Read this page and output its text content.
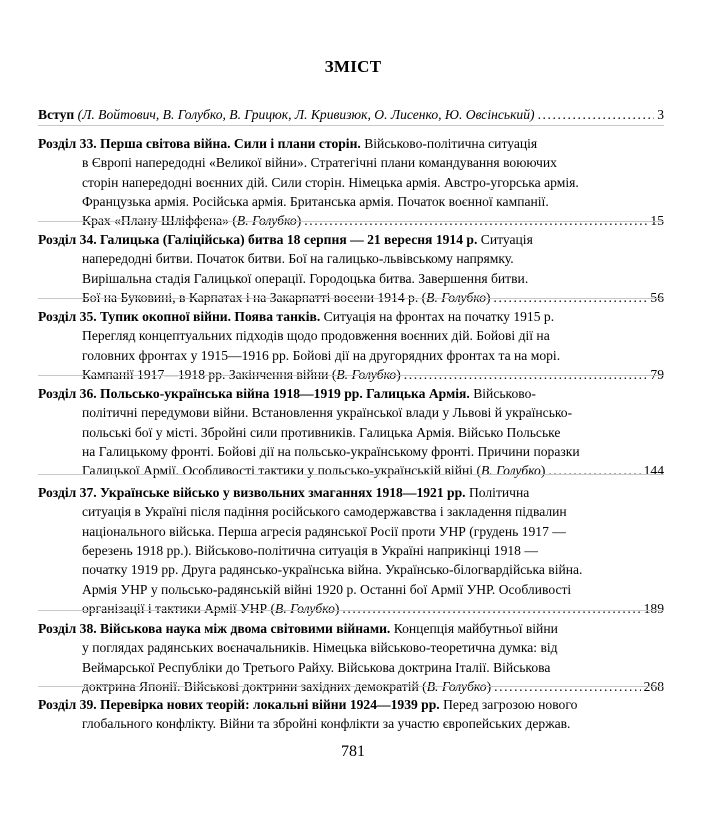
ЗМІСТ
Вступ (Л. Войтович, В. Голубко, В. Грицюк, Л. Кривизюк, О. Лисенко, Ю. Овсінський) .....	3
Розділ 33. Перша світова війна. Сили і плани сторін. Військово-політична ситуація
в Європі напередодні «Великої війни». Стратегічні плани командування воюючих
сторін напередодні воєнних дій. Сили сторін. Німецька армія. Австро-угорська армія.
Французька армія. Російська армія. Британська армія. Початок воєнної кампанії.
Крах «Плану Шліффена» (В. Голубко) .....	15
Розділ 34. Галицька (Галіційська) битва 18 серпня — 21 вересня 1914 р. Ситуація
напередодні битви. Початок битви. Бої на галицько-львівському напрямку.
Вирішальна стадія Галицької операції. Городоцька битва. Завершення битви.
Бої на Буковині, в Карпатах і на Закарпатті восени 1914 р. (В. Голубко) .....	56
Розділ 35. Тупик окопної війни. Поява танків. Ситуація на фронтах на початку 1915 р.
Перегляд концептуальних підходів щодо продовження воєнних дій. Бойові дії на
головних фронтах у 1915—1916 рр. Бойові дії на другорядних фронтах та на морі.
Кампанії 1917—1918 рр. Закінчення війни (В. Голубко) .....	79
Розділ 36. Польсько-українська війна 1918—1919 рр. Галицька Армія. Військово-
політичні передумови війни. Встановлення української влади у Львові й українсько-
польські бої у місті. Збройні сили противників. Галицька Армія. Військо Польське
на Галицькому фронті. Бойові дії на польсько-українському фронті. Причини поразки
Галицької Армії. Особливості тактики у польсько-українській війні (В. Голубко) .....	144
Розділ 37. Українське військо у визвольних змаганнях 1918—1921 рр. Політична
ситуація в Україні після падіння російського самодержавства і закладення підвалин
національного війська. Перша агресія радянської Росії проти УНР (грудень 1917 —
березень 1918 рр.). Військово-політична ситуація в Україні наприкінці 1918 —
початку 1919 рр. Друга радянсько-українська війна. Українсько-білогвардійська війна.
Армія УНР у польсько-радянській війні 1920 р. Останні бої Армії УНР. Особливості
організації і тактики Армії УНР (В. Голубко) .....	189
Розділ 38. Військова наука між двома світовими війнами. Концепція майбутньої війни
у поглядах радянських воєначальників. Німецька військово-теоретична думка: від
Веймарської Республіки до Третього Райху. Військова доктрина Італії. Військова
доктрина Японії. Військові доктрини західних демократій (В. Голубко) .....	268
Розділ 39. Перевірка нових теорій: локальні війни 1924—1939 рр. Перед загрозою нового
глобального конфлікту. Війни та збройні конфлікти за участю європейських держав.
781
